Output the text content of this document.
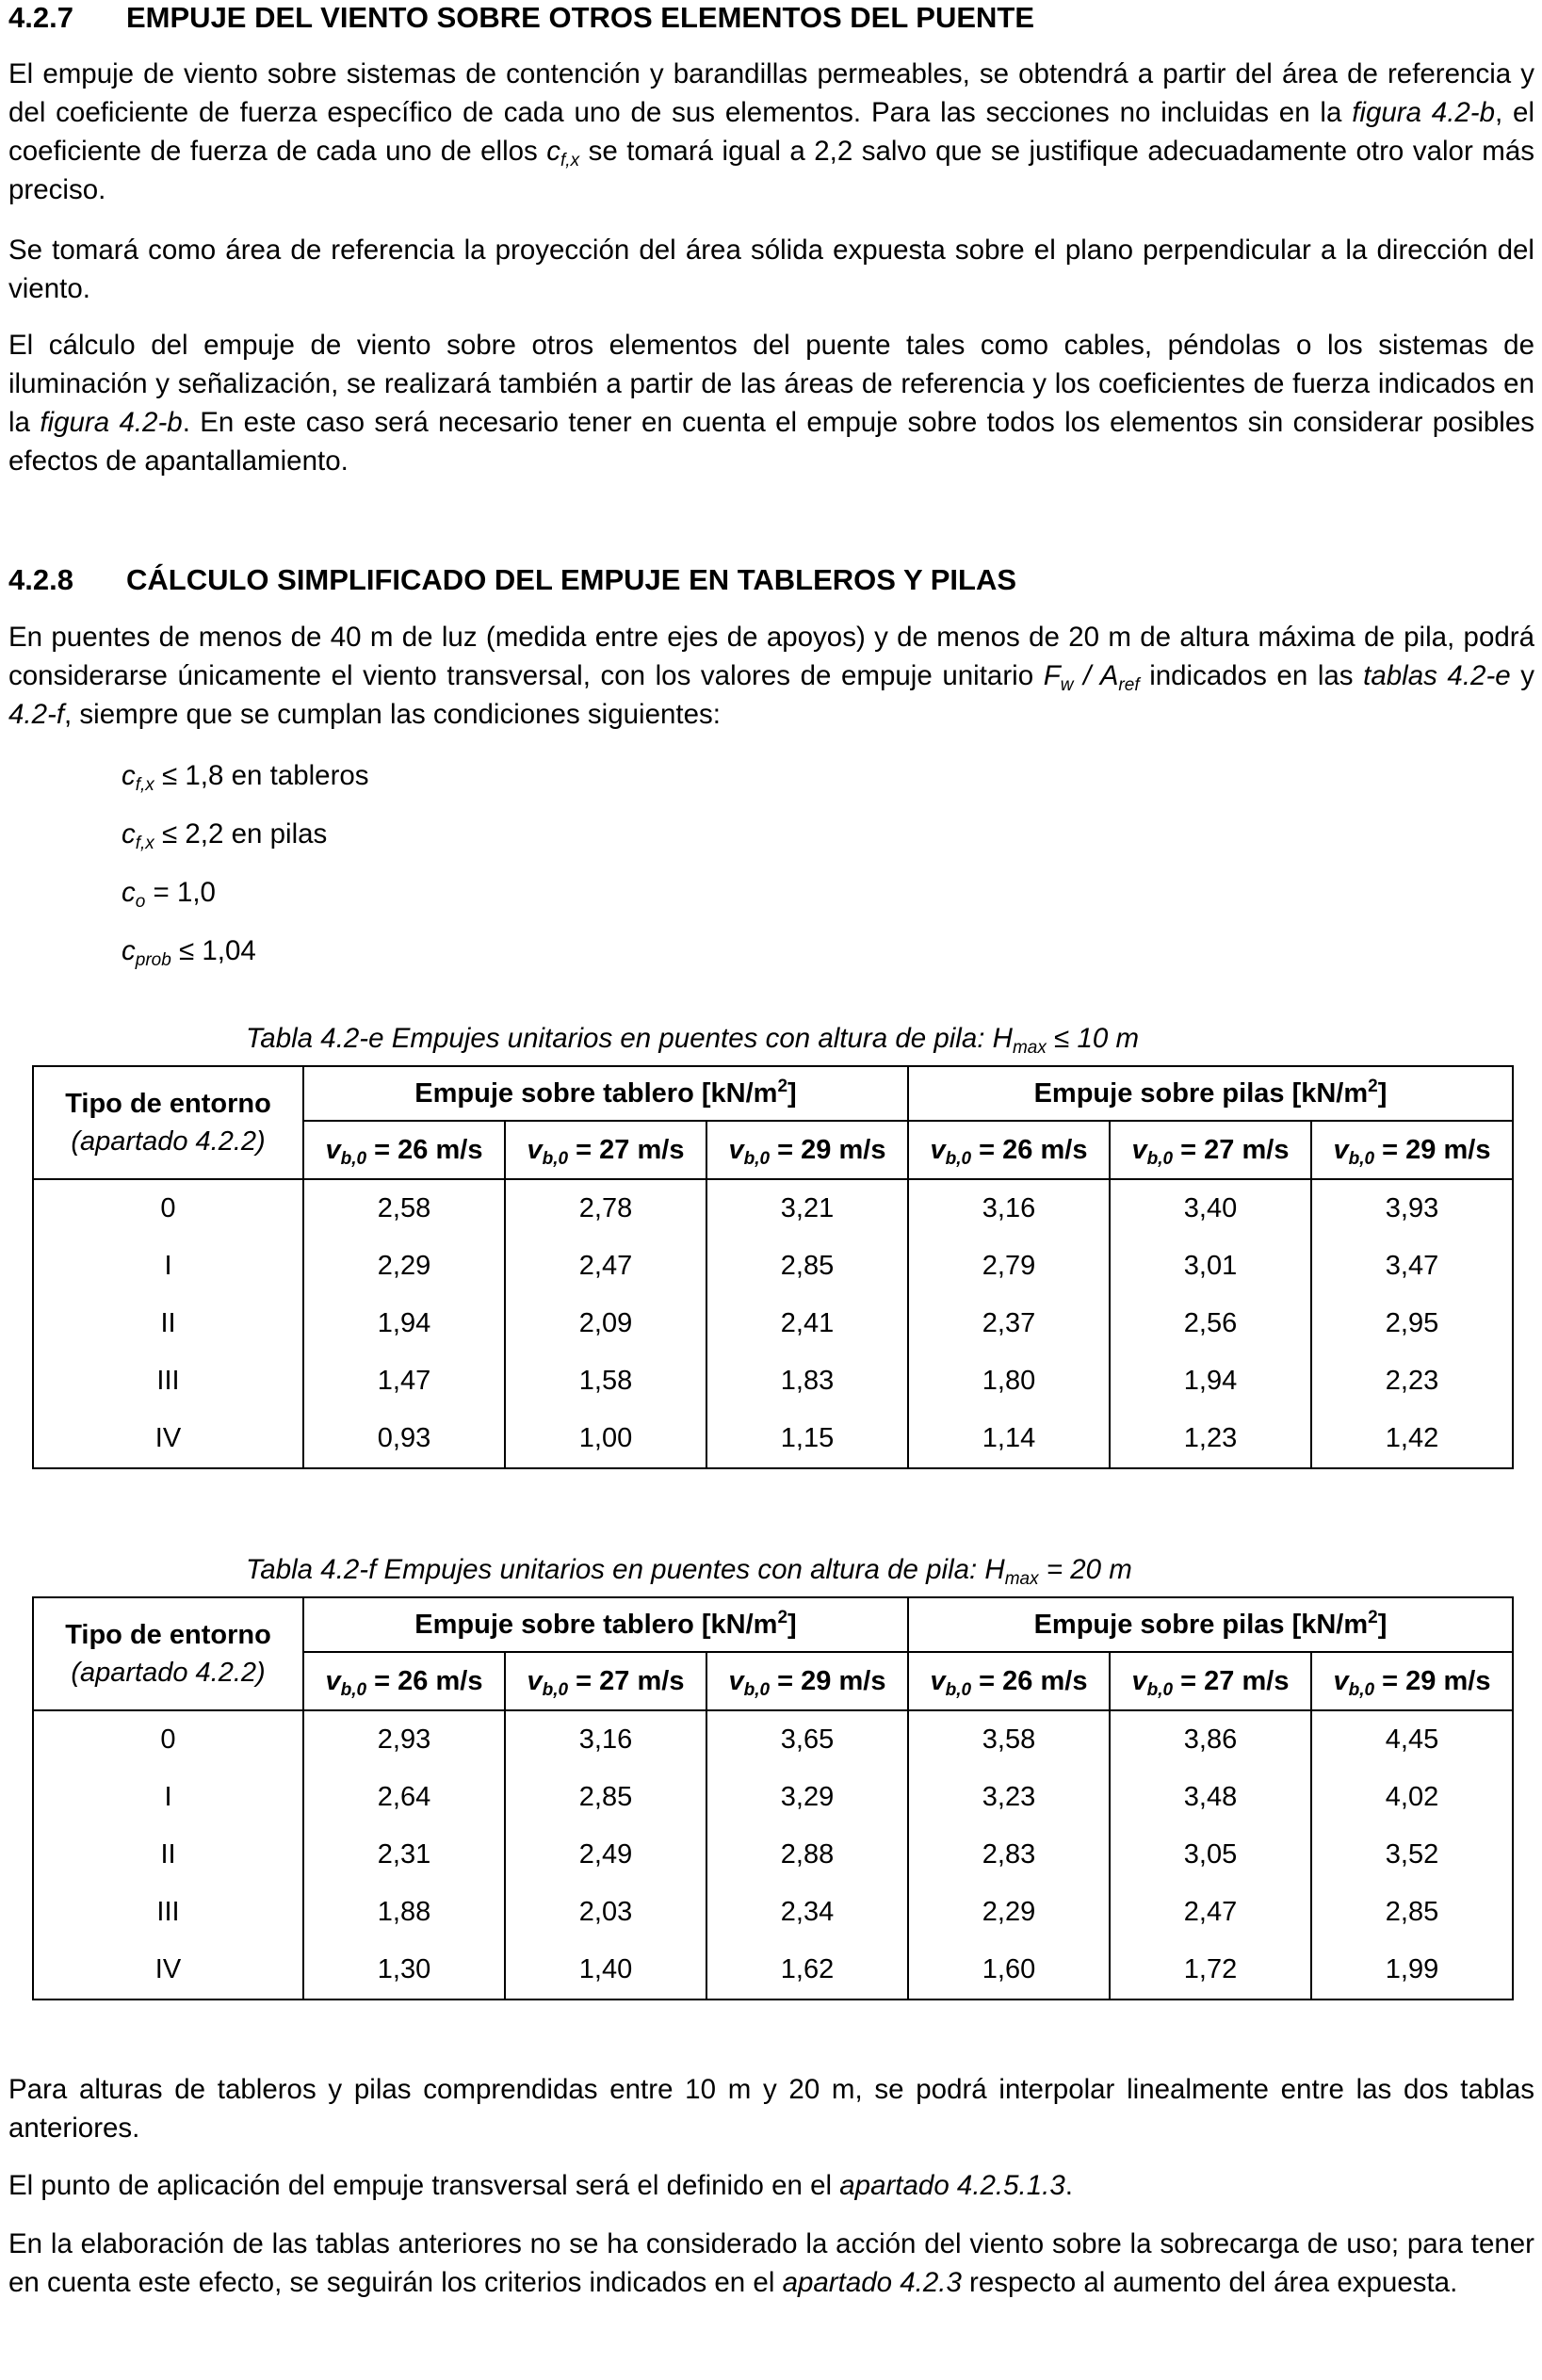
4.2.7 EMPUJE DEL VIENTO SOBRE OTROS ELEMENTOS DEL PUENTE

El empuje de viento sobre sistemas de contención y barandillas permeables, se obtendrá a partir del área de referencia y del coeficiente de fuerza específico de cada uno de sus elementos. Para las secciones no incluidas en la figura 4.2-b, el coeficiente de fuerza de cada uno de ellos $c_{f,x}$ se tomará igual a 2,2 salvo que se justifique adecuadamente otro valor más preciso.

Se tomará como área de referencia la proyección del área sólida expuesta sobre el plano perpendicular a la dirección del viento.

El cálculo del empuje de viento sobre otros elementos del puente tales como cables, péndolas o los sistemas de iluminación y señalización, se realizará también a partir de las áreas de referencia y los coeficientes de fuerza indicados en la figura 4.2-b. En este caso será necesario tener en cuenta el empuje sobre todos los elementos sin considerar posibles efectos de apantallamiento.

4.2.8 CÁLCULO SIMPLIFICADO DEL EMPUJE EN TABLEROS Y PILAS

En puentes de menos de 40 m de luz (medida entre ejes de apoyos) y de menos de 20 m de altura máxima de pila, podrá considerarse únicamente el viento transversal, con los valores de empuje unitario $F_w / A_{ref}$ indicados en las tablas 4.2-e y 4.2-f, siempre que se cumplan las condiciones siguientes:

$c_{f,x} \le 1,8$ en tableros
$c_{f,x} \le 2,2$ en pilas
$c_o = 1,0$
$c_{prob} \le 1,04$
Tabla 4.2-e Empujes unitarios en puentes con altura de pila: $H_{max} \le 10$ m
Tipo de entorno
(apartado 4.2.2)	Empuje sobre tablero $[kN/m^2]$			Empuje sobre pilas $[kN/m^2]$		
	$v_{b,0} = 26$ m/s	$v_{b,0} = 27$ m/s	$v_{b,0} = 29$ m/s	$v_{b,0} = 26$ m/s	$v_{b,0} = 27$ m/s	$v_{b,0} = 29$ m/s
0	2,58	2,78	3,21	3,16	3,40	3,93
I	2,29	2,47	2,85	2,79	3,01	3,47
II	1,94	2,09	2,41	2,37	2,56	2,95
III	1,47	1,58	1,83	1,80	1,94	2,23
IV	0,93	1,00	1,15	1,14	1,23	1,42
Tabla 4.2-f Empujes unitarios en puentes con altura de pila: $H_{max} = 20$ m
Tipo de entorno
(apartado 4.2.2)	Empuje sobre tablero $[kN/m^2]$			Empuje sobre pilas $[kN/m^2]$		
	$v_{b,0} = 26$ m/s	$v_{b,0} = 27$ m/s	$v_{b,0} = 29$ m/s	$v_{b,0} = 26$ m/s	$v_{b,0} = 27$ m/s	$v_{b,0} = 29$ m/s
0	2,93	3,16	3,65	3,58	3,86	4,45
I	2,64	2,85	3,29	3,23	3,48	4,02
II	2,31	2,49	2,88	2,83	3,05	3,52
III	1,88	2,03	2,34	2,29	2,47	2,85
IV	1,30	1,40	1,62	1,60	1,72	1,99

Para alturas de tableros y pilas comprendidas entre 10 m y 20 m, se podrá interpolar linealmente entre las dos tablas anteriores.

El punto de aplicación del empuje transversal será el definido en el apartado 4.2.5.1.3.

En la elaboración de las tablas anteriores no se ha considerado la acción del viento sobre la sobrecarga de uso; para tener en cuenta este efecto, se seguirán los criterios indicados en el apartado 4.2.3 respecto al aumento del área expuesta.
